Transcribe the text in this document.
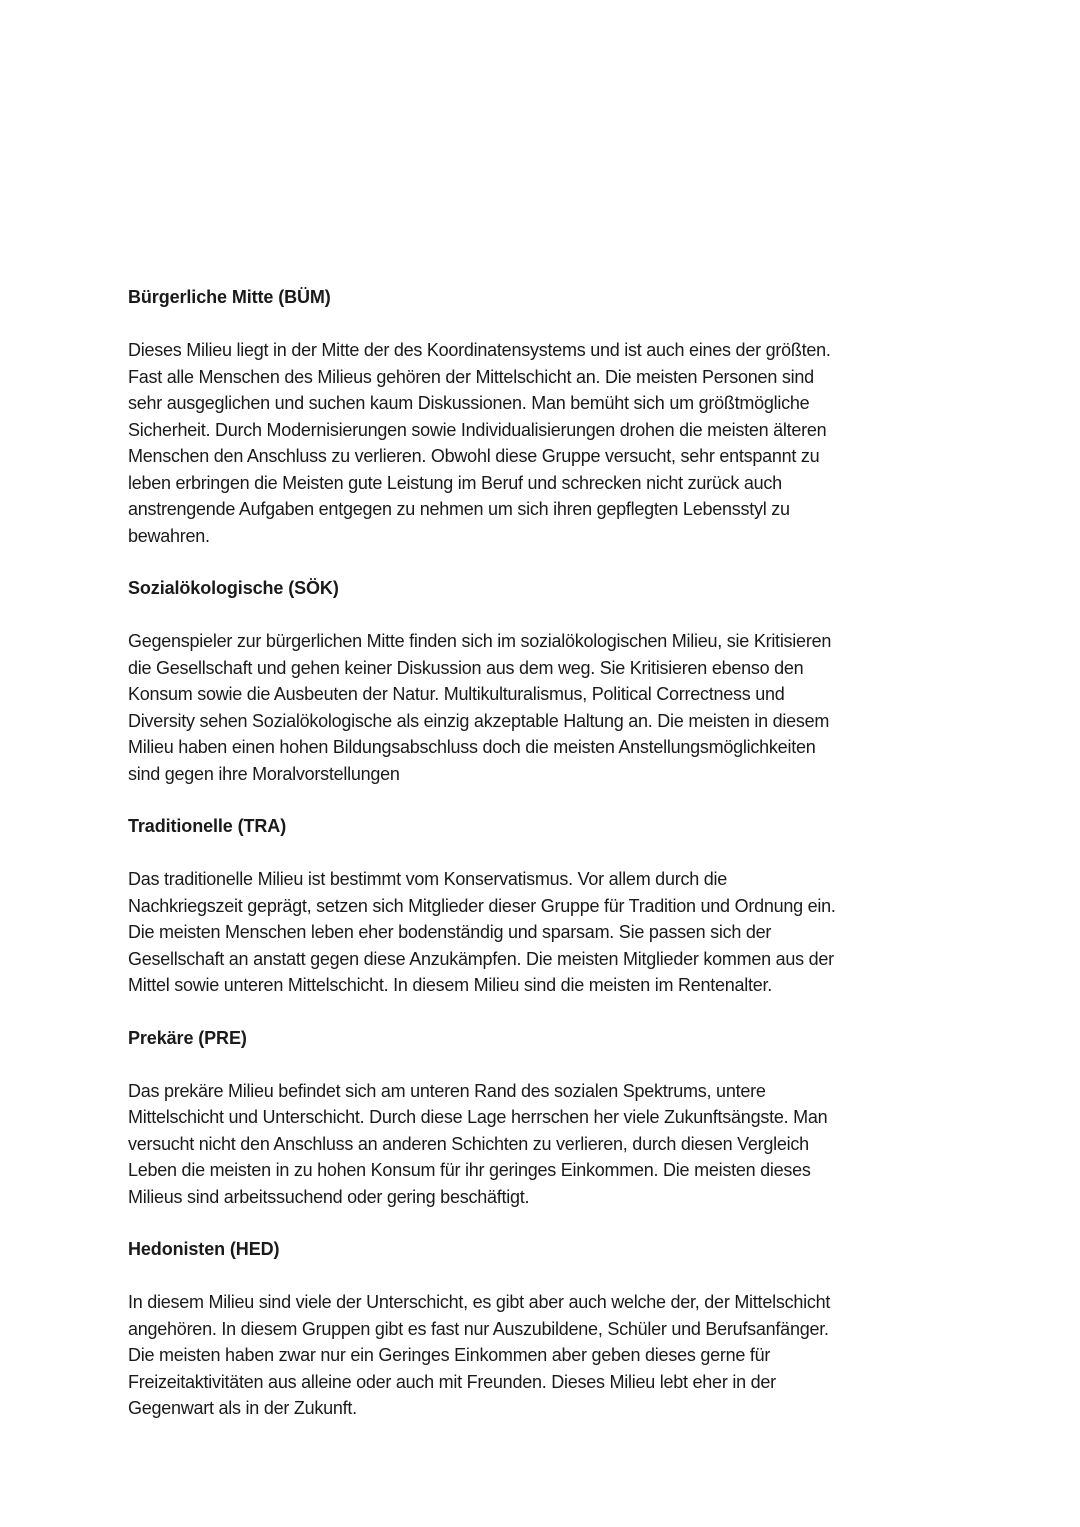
Bürgerliche Mitte (BÜM)
Dieses Milieu liegt in der Mitte der des Koordinatensystems und ist auch eines der größten.
Fast alle Menschen des Milieus gehören der Mittelschicht an. Die meisten Personen sind
sehr ausgeglichen und suchen kaum Diskussionen. Man bemüht sich um größtmögliche
Sicherheit. Durch Modernisierungen sowie Individualisierungen drohen die meisten älteren
Menschen den Anschluss zu verlieren. Obwohl diese Gruppe versucht, sehr entspannt zu
leben erbringen die Meisten gute Leistung im Beruf und schrecken nicht zurück auch
anstrengende Aufgaben entgegen zu nehmen um sich ihren gepflegten Lebensstyl zu
bewahren.
Sozialökologische (SÖK)
Gegenspieler zur bürgerlichen Mitte finden sich im sozialökologischen Milieu, sie Kritisieren
die Gesellschaft und gehen keiner Diskussion aus dem weg. Sie Kritisieren ebenso den
Konsum sowie die Ausbeuten der Natur. Multikulturalismus, Political Correctness und
Diversity sehen Sozialökologische als einzig akzeptable Haltung an. Die meisten in diesem
Milieu haben einen hohen Bildungsabschluss doch die meisten Anstellungsmöglichkeiten
sind gegen ihre Moralvorstellungen
Traditionelle (TRA)
Das traditionelle Milieu ist bestimmt vom Konservatismus. Vor allem durch die
Nachkriegszeit geprägt, setzen sich Mitglieder dieser Gruppe für Tradition und Ordnung ein.
Die meisten Menschen leben eher bodenständig und sparsam. Sie passen sich der
Gesellschaft an anstatt gegen diese Anzukämpfen. Die meisten Mitglieder kommen aus der
Mittel sowie unteren Mittelschicht. In diesem Milieu sind die meisten im Rentenalter.
Prekäre (PRE)
Das prekäre Milieu befindet sich am unteren Rand des sozialen Spektrums, untere
Mittelschicht und Unterschicht. Durch diese Lage herrschen her viele Zukunftsängste. Man
versucht nicht den Anschluss an anderen Schichten zu verlieren, durch diesen Vergleich
Leben die meisten in zu hohen Konsum für ihr geringes Einkommen. Die meisten dieses
Milieus sind arbeitssuchend oder gering beschäftigt.
Hedonisten (HED)
In diesem Milieu sind viele der Unterschicht, es gibt aber auch welche der, der Mittelschicht
angehören. In diesem Gruppen gibt es fast nur Auszubildene, Schüler und Berufsanfänger.
Die meisten haben zwar nur ein Geringes Einkommen aber geben dieses gerne für
Freizeitaktivitäten aus alleine oder auch mit Freunden. Dieses Milieu lebt eher in der
Gegenwart als in der Zukunft.
